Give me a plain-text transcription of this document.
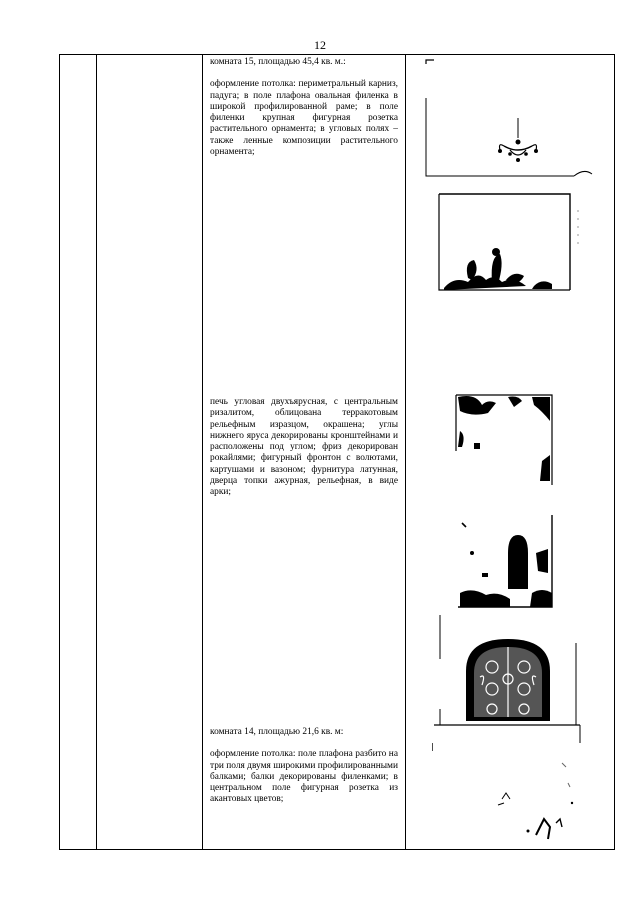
12

комната 15, площадью 45,4 кв. м.:

оформление потолка: периметральный карниз, падуга; в поле плафона овальная филенка в широкой профилированной раме; в поле филенки крупная фигурная розетка растительного орнамента; в угловых полях – также ленные композиции растительного орнамента;

печь угловая двухъярусная, с центральным ризалитом, облицована терракотовым рельефным изразцом, окрашена; углы нижнего яруса декорированы кронштейнами и расположены под углом; фриз декорирован рокайлями; фигурный фронтон с волютами, картушами и вазоном; фурнитура латунная, дверца топки ажурная, рельефная, в виде арки;

комната 14, площадью 21,6 кв. м:

оформление потолка: поле плафона разбито на три поля двумя широкими профилированными балками; балки декорированы филенками; в центральном поле фигурная розетка из акантовых цветов;
